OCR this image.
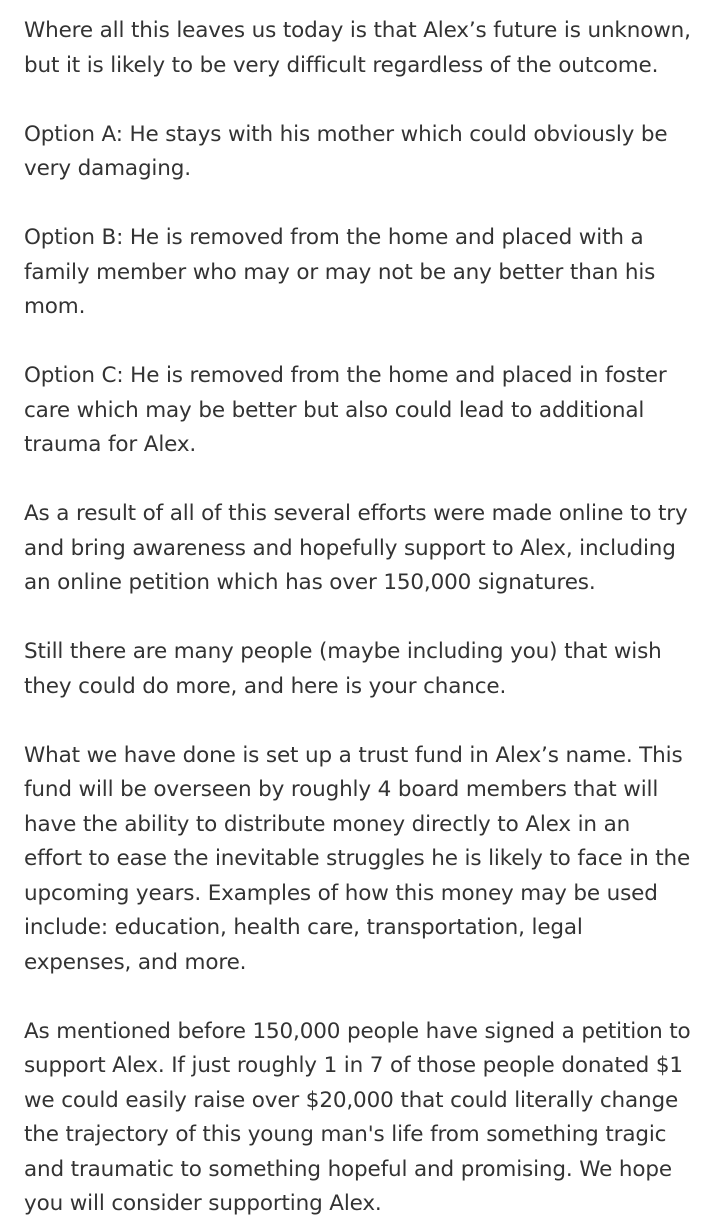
Where all this leaves us today is that Alex’s future is unknown, but it is likely to be very difficult regardless of the outcome.

Option A: He stays with his mother which could obviously be very damaging.

Option B: He is removed from the home and placed with a family member who may or may not be any better than his mom.

Option C: He is removed from the home and placed in foster care which may be better but also could lead to additional trauma for Alex.

As a result of all of this several efforts were made online to try and bring awareness and hopefully support to Alex, including an online petition which has over 150,000 signatures.

Still there are many people (maybe including you) that wish they could do more, and here is your chance.

What we have done is set up a trust fund in Alex’s name. This fund will be overseen by roughly 4 board members that will have the ability to distribute money directly to Alex in an effort to ease the inevitable struggles he is likely to face in the upcoming years. Examples of how this money may be used include: education, health care, transportation, legal expenses, and more.

As mentioned before 150,000 people have signed a petition to support Alex. If just roughly 1 in 7 of those people donated $1 we could easily raise over $20,000 that could literally change the trajectory of this young man's life from something tragic and traumatic to something hopeful and promising. We hope you will consider supporting Alex.
